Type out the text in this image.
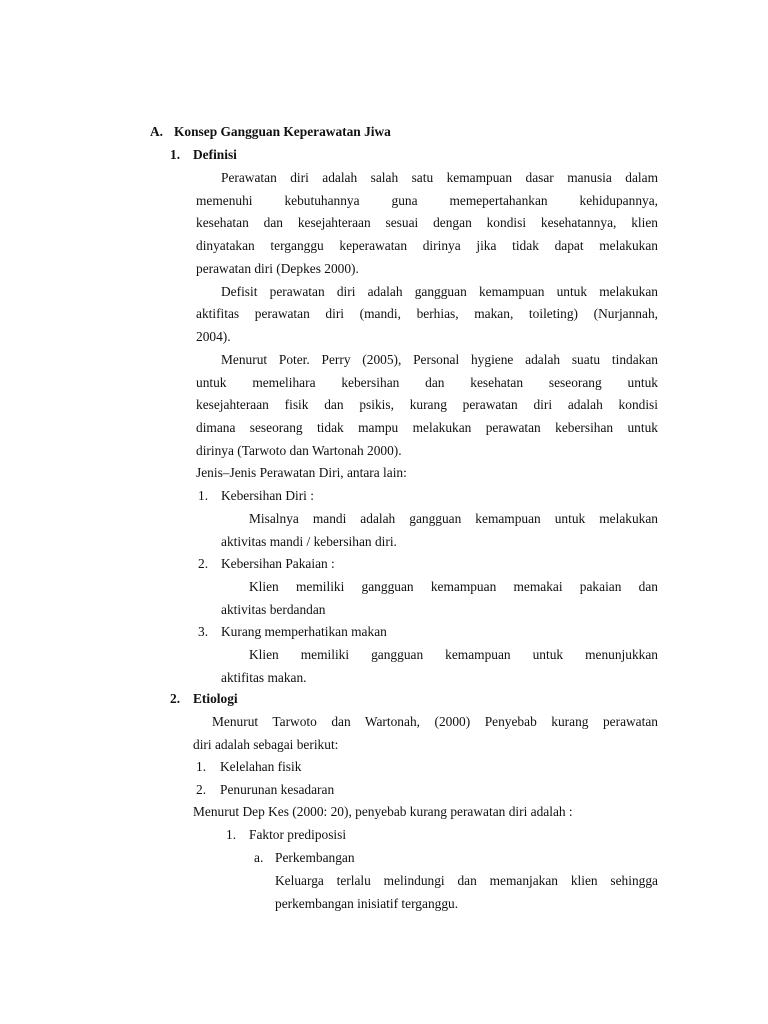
A. Konsep Gangguan Keperawatan Jiwa
1. Definisi
Perawatan diri adalah salah satu kemampuan dasar manusia dalam
memenuhi kebutuhannya guna memepertahankan kehidupannya,
kesehatan dan kesejahteraan sesuai dengan kondisi kesehatannya, klien
dinyatakan terganggu keperawatan dirinya jika tidak dapat melakukan
perawatan diri (Depkes 2000).
Defisit perawatan diri adalah gangguan kemampuan untuk melakukan
aktifitas perawatan diri (mandi, berhias, makan, toileting) (Nurjannah,
2004).
Menurut Poter. Perry (2005), Personal hygiene adalah suatu tindakan
untuk memelihara kebersihan dan kesehatan seseorang untuk
kesejahteraan fisik dan psikis, kurang perawatan diri adalah kondisi
dimana seseorang tidak mampu melakukan perawatan kebersihan untuk
dirinya (Tarwoto dan Wartonah 2000).
Jenis–Jenis Perawatan Diri, antara lain:
1. Kebersihan Diri :
Misalnya mandi adalah gangguan kemampuan untuk melakukan
aktivitas mandi / kebersihan diri.
2. Kebersihan Pakaian :
Klien memiliki gangguan kemampuan memakai pakaian dan
aktivitas berdandan
3. Kurang memperhatikan makan
Klien memiliki gangguan kemampuan untuk menunjukkan
aktifitas makan.
2. Etiologi
Menurut Tarwoto dan Wartonah, (2000) Penyebab kurang perawatan
diri adalah sebagai berikut:
1. Kelelahan fisik
2. Penurunan kesadaran
Menurut Dep Kes (2000: 20), penyebab kurang perawatan diri adalah :
1. Faktor prediposisi
a. Perkembangan
Keluarga terlalu melindungi dan memanjakan klien sehingga
perkembangan inisiatif terganggu.
